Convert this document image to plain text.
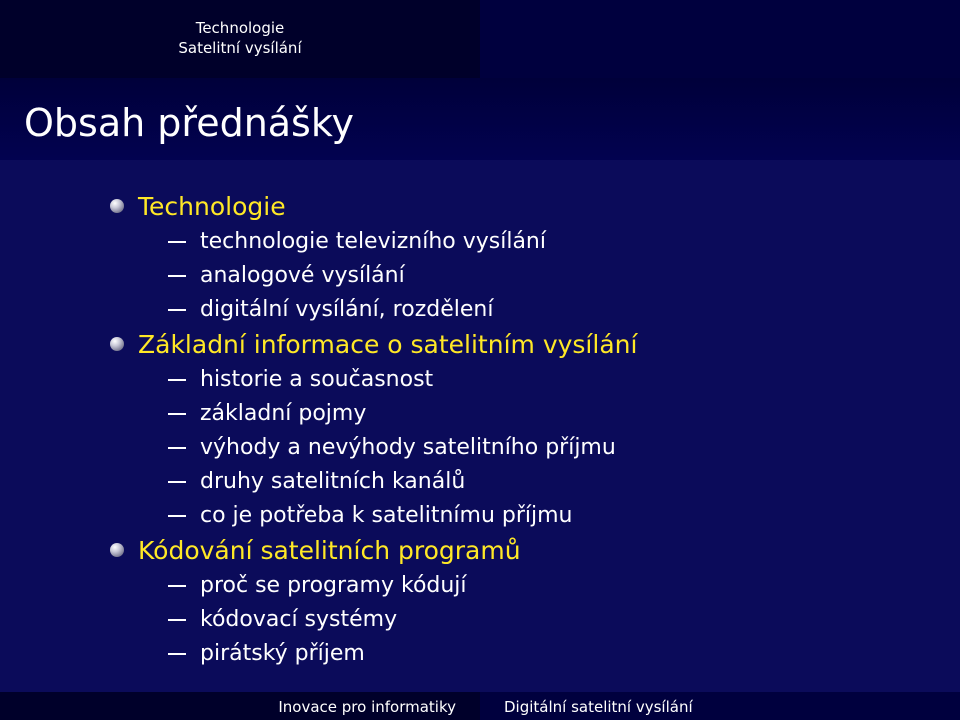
Technologie
Satelitní vysílání
Obsah přednášky
Technologie
technologie televizního vysílání
analogové vysílání
digitální vysílání, rozdělení
Základní informace o satelitním vysílání
historie a současnost
základní pojmy
výhody a nevýhody satelitního příjmu
druhy satelitních kanálů
co je potřeba k satelitnímu příjmu
Kódování satelitních programů
proč se programy kódují
kódovací systémy
pirátský příjem
Inovace pro informatiky	Digitální satelitní vysílání
